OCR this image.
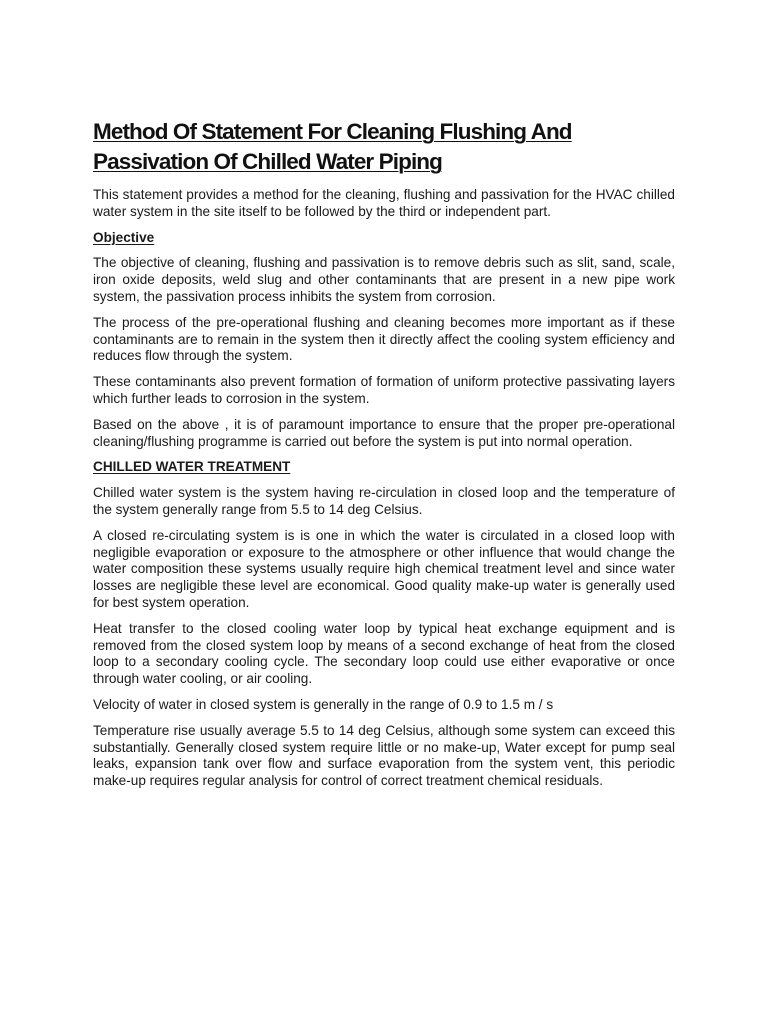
Method Of Statement For Cleaning Flushing And Passivation Of Chilled Water Piping

This statement provides a method for the cleaning, flushing and passivation for the HVAC chilled water system in the site itself to be followed by the third or independent part.

Objective

The objective of cleaning, flushing and passivation is to remove debris such as slit, sand, scale, iron oxide deposits, weld slug and other contaminants that are present in a new pipe work system, the passivation process inhibits the system from corrosion.

The process of the pre-operational flushing and cleaning becomes more important as if these contaminants are to remain in the system then it directly affect the cooling system efficiency and reduces flow through the system.

These contaminants also prevent formation of formation of uniform protective passivating layers which further leads to corrosion in the system.

Based on the above , it is of paramount importance to ensure that the proper pre-operational cleaning/flushing programme is carried out before the system is put into normal operation.

CHILLED WATER TREATMENT

Chilled water system is the system having re-circulation in closed loop and the temperature of the system generally range from 5.5 to 14 deg Celsius.

A closed re-circulating system is is one in which the water is circulated in a closed loop with negligible evaporation or exposure to the atmosphere or other influence that would change the water composition these systems usually require high chemical treatment level and since water losses are negligible these level are economical. Good quality make-up water is generally used for best system operation.

Heat transfer to the closed cooling water loop by typical heat exchange equipment and is removed from the closed system loop by means of a second exchange of heat from the closed loop to a secondary cooling cycle. The secondary loop could use either evaporative or once through water cooling, or air cooling.

Velocity of water in closed system is generally in the range of 0.9 to 1.5 m / s

Temperature rise usually average 5.5 to 14 deg Celsius, although some system can exceed this substantially. Generally closed system require little or no make-up, Water except for pump seal leaks, expansion tank over flow and surface evaporation from the system vent, this periodic make-up requires regular analysis for control of correct treatment chemical residuals.
